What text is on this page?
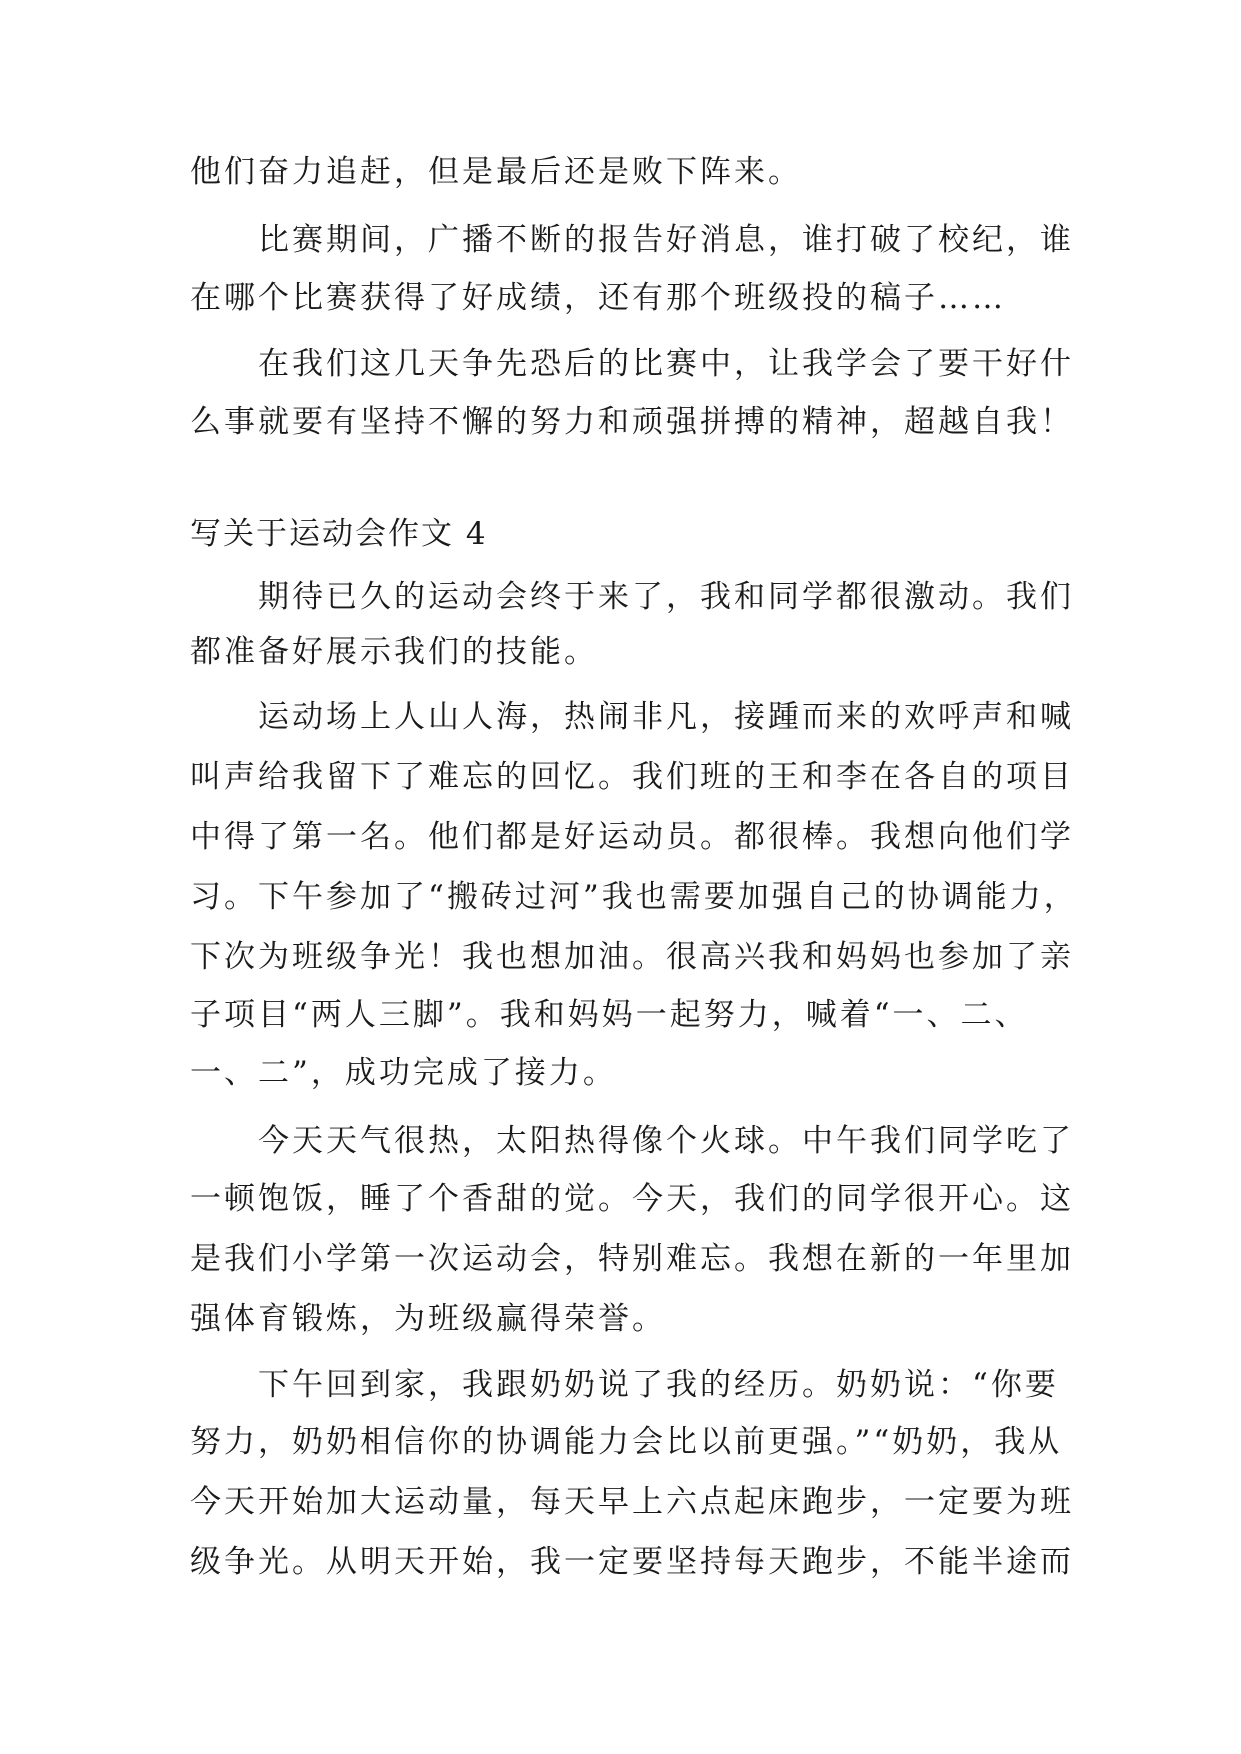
他们奋力追赶，但是最后还是败下阵来。
比赛期间，广播不断的报告好消息，谁打破了校纪，谁
在哪个比赛获得了好成绩，还有那个班级投的稿子……
在我们这几天争先恐后的比赛中，让我学会了要干好什
么事就要有坚持不懈的努力和顽强拼搏的精神，超越自我！
写关于运动会作文 4
期待已久的运动会终于来了，我和同学都很激动。我们
都准备好展示我们的技能。
运动场上人山人海，热闹非凡，接踵而来的欢呼声和喊
叫声给我留下了难忘的回忆。我们班的王和李在各自的项目
中得了第一名。他们都是好运动员。都很棒。我想向他们学
习。下午参加了“搬砖过河”我也需要加强自己的协调能力，
下次为班级争光！我也想加油。很高兴我和妈妈也参加了亲
子项目“两人三脚”。我和妈妈一起努力，喊着“一、二、
一、二”，成功完成了接力。
今天天气很热，太阳热得像个火球。中午我们同学吃了
一顿饱饭，睡了个香甜的觉。今天，我们的同学很开心。这
是我们小学第一次运动会，特别难忘。我想在新的一年里加
强体育锻炼，为班级赢得荣誉。
下午回到家，我跟奶奶说了我的经历。奶奶说：“你要
努力，奶奶相信你的协调能力会比以前更强。”“奶奶，我从
今天开始加大运动量，每天早上六点起床跑步，一定要为班
级争光。从明天开始，我一定要坚持每天跑步，不能半途而
